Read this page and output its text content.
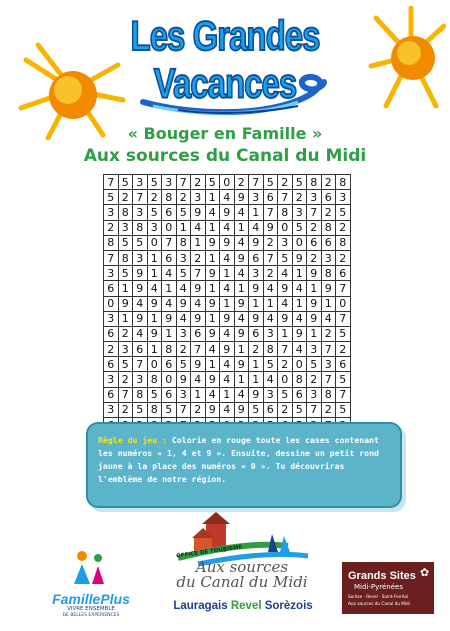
Les Grandes Vacances
« Bouger en Famille »
Aux sources du Canal du Midi
7	5	3	5	3	7	2	5	0	2	7	5	2	5	8	2	8
5	2	7	2	8	2	3	1	4	9	3	6	7	2	3	6	3
3	8	3	5	6	5	9	4	9	4	1	7	8	3	7	2	5
2	3	8	3	0	1	4	1	4	1	4	9	0	5	2	8	2
8	5	5	0	7	8	1	9	9	4	9	2	3	0	6	6	8
7	8	3	1	6	3	2	1	4	9	6	7	5	9	2	3	2
3	5	9	1	4	5	7	9	1	4	3	2	4	1	9	8	6
6	1	9	4	1	4	9	1	4	1	9	4	9	4	1	9	7
0	9	4	9	4	9	4	9	1	9	1	1	4	1	9	1	0
3	1	9	1	9	4	9	1	9	4	9	4	9	4	9	4	7
6	2	4	9	1	3	6	9	4	9	6	3	1	9	1	2	5
2	3	6	1	8	2	7	4	9	1	2	8	7	4	3	7	2
6	5	7	0	6	5	9	1	4	9	1	5	2	0	5	3	6
3	2	3	8	0	9	4	9	4	1	1	4	0	8	2	7	5
6	7	8	5	6	3	1	4	1	4	9	3	5	6	3	8	7
3	2	5	8	5	7	2	9	4	9	5	6	2	5	7	2	5

Règle du jeu : Colorie en rouge toute les cases contenant les numéros « 1, 4 et 9 ». Ensuite, dessine un petit rond jaune à la place des numéros « 0 ». Tu découvriras l'emblème de notre région.
FamillePlus
VIVRE ENSEMBLE
DE BELLES EXPÉRIENCES
OFFICE DE TOURISME
Aux sources
du Canal du Midi
Lauragais Revel Sorèzois
Grands Sites
Midi-Pyrénées
Sorèze · Revel · Saint-Ferréol
Aux sources du Canal du Midi
✿
